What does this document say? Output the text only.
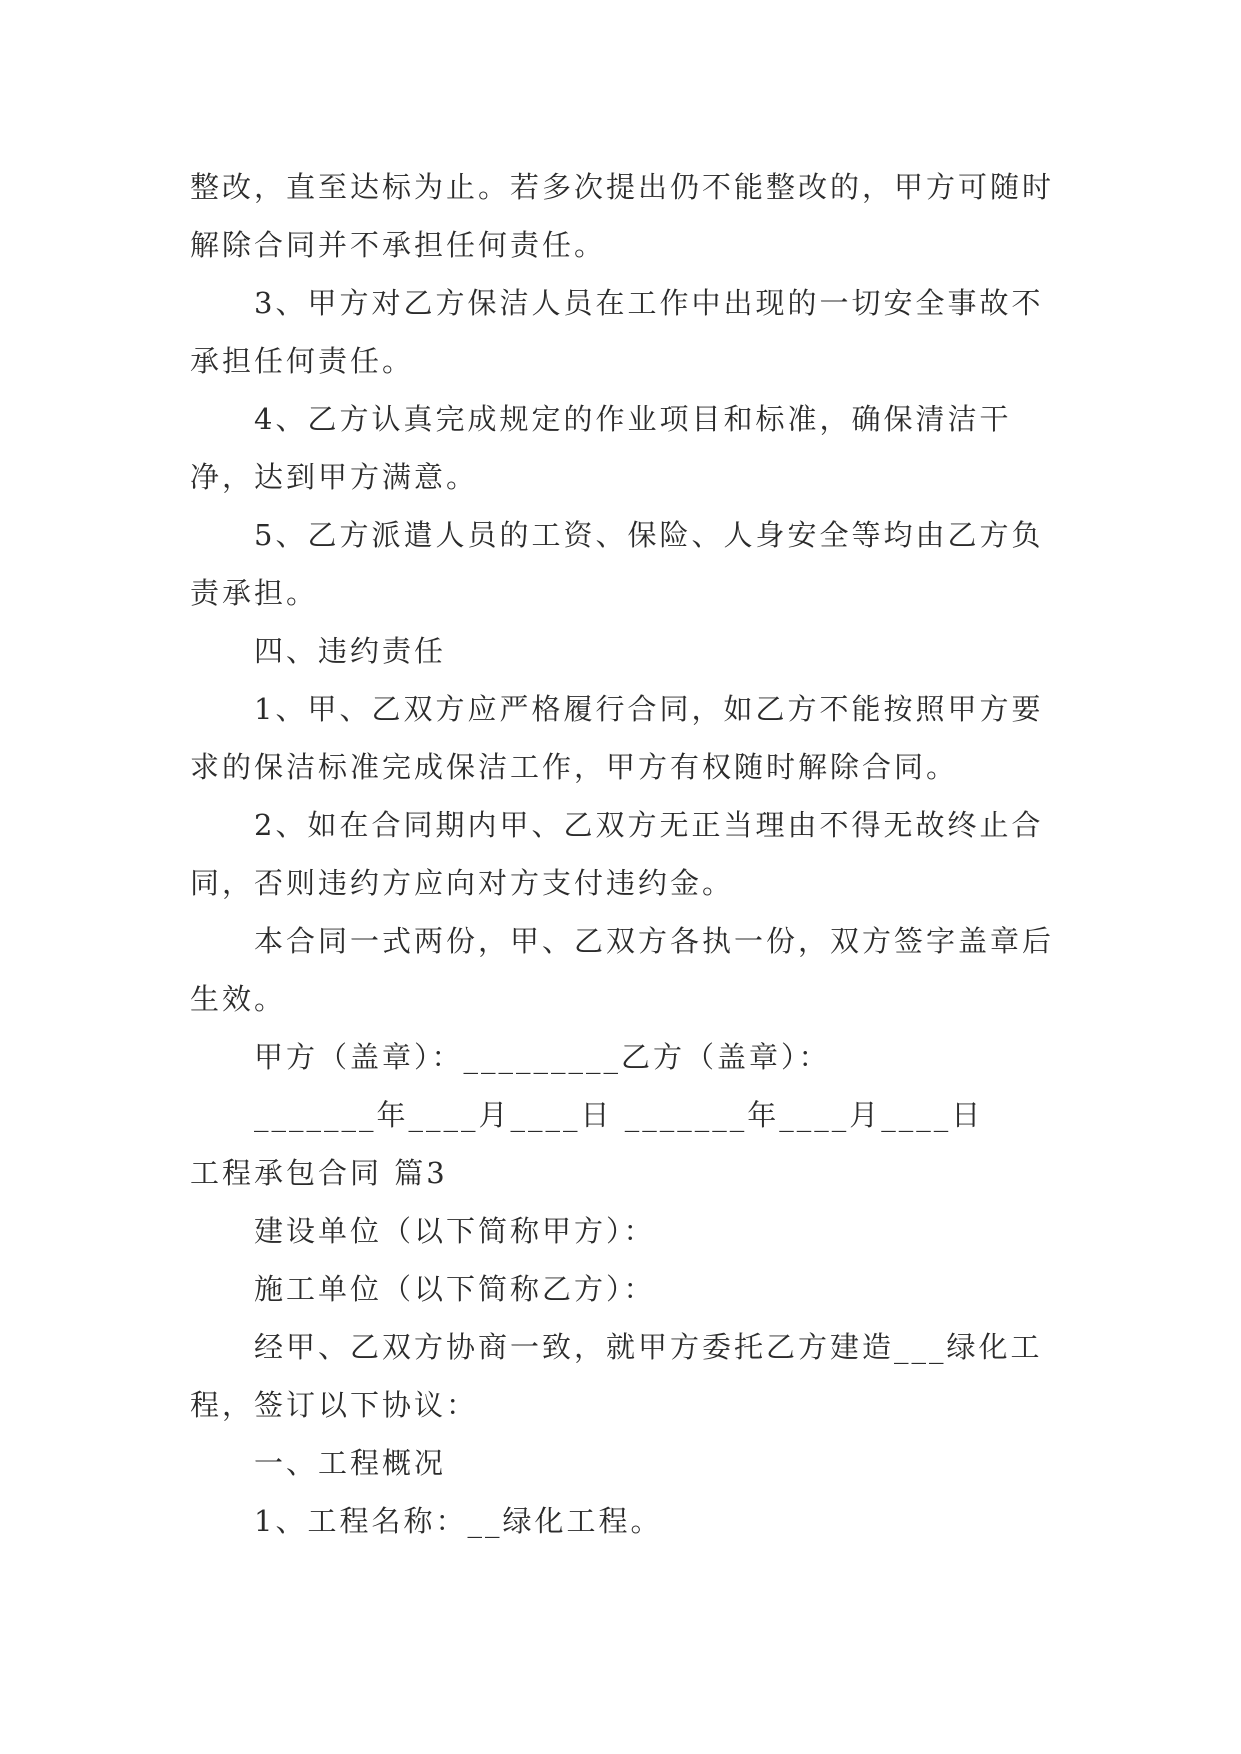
整改，直至达标为止。若多次提出仍不能整改的，甲方可随时解除合同并不承担任何责任。

3、甲方对乙方保洁人员在工作中出现的一切安全事故不承担任何责任。

4、乙方认真完成规定的作业项目和标准，确保清洁干净，达到甲方满意。

5、乙方派遣人员的工资、保险、人身安全等均由乙方负责承担。

四、违约责任

1、甲、乙双方应严格履行合同，如乙方不能按照甲方要求的保洁标准完成保洁工作，甲方有权随时解除合同。

2、如在合同期内甲、乙双方无正当理由不得无故终止合同，否则违约方应向对方支付违约金。

本合同一式两份，甲、乙双方各执一份，双方签字盖章后生效。

甲方（盖章）：_________乙方（盖章）：

_______年____月____日 _______年____月____日

工程承包合同 篇3

建设单位（以下简称甲方）：

施工单位（以下简称乙方）：

经甲、乙双方协商一致，就甲方委托乙方建造___绿化工程，签订以下协议：

一、工程概况

1、工程名称：__绿化工程。
